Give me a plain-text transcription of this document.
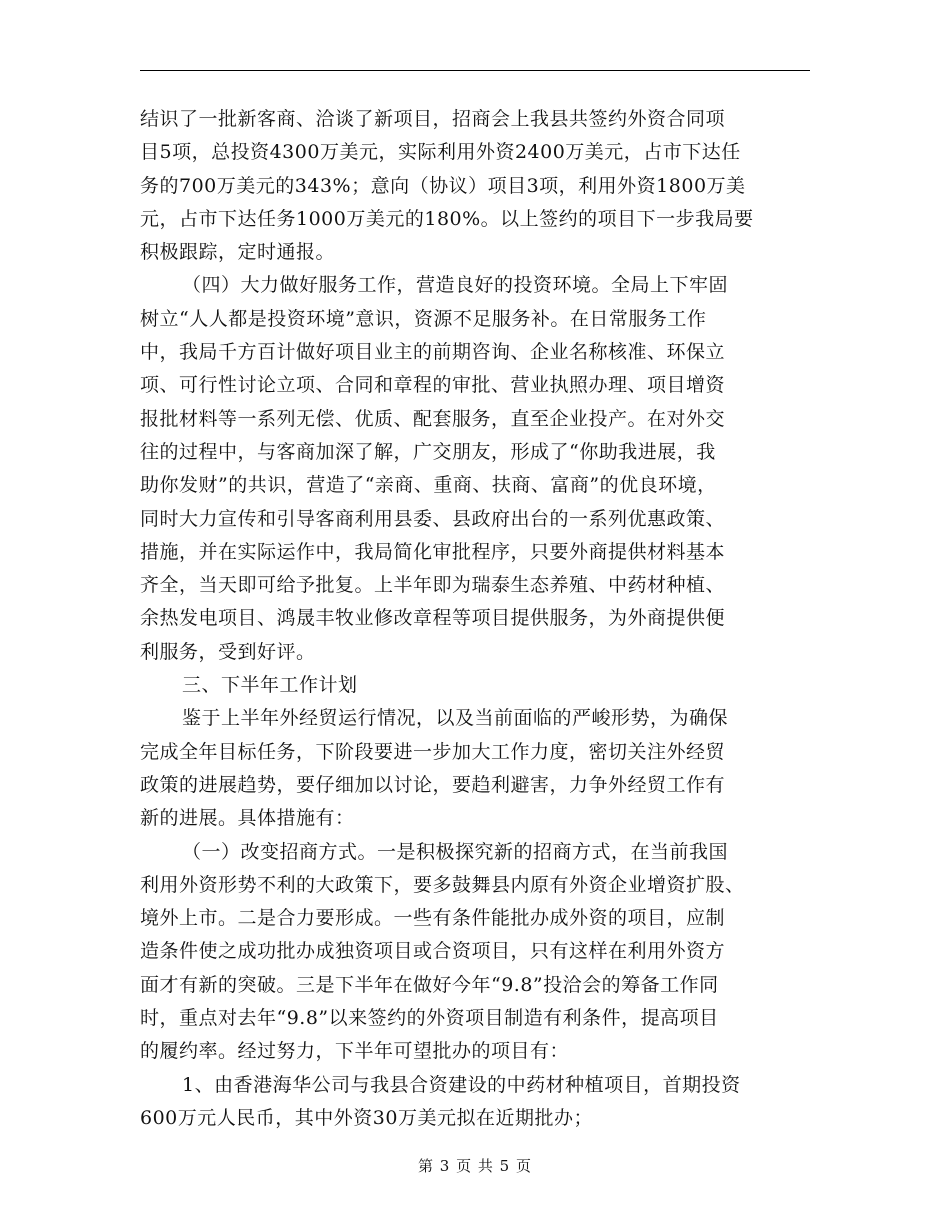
结识了一批新客商、洽谈了新项目，招商会上我县共签约外资合同项
目5项，总投资4300万美元，实际利用外资2400万美元，占市下达任
务的700万美元的343%；意向（协议）项目3项，利用外资1800万美
元，占市下达任务1000万美元的180%。以上签约的项目下一步我局要
积极跟踪，定时通报。
（四）大力做好服务工作，营造良好的投资环境。全局上下牢固
树立“人人都是投资环境”意识，资源不足服务补。在日常服务工作
中，我局千方百计做好项目业主的前期咨询、企业名称核准、环保立
项、可行性讨论立项、合同和章程的审批、营业执照办理、项目增资
报批材料等一系列无偿、优质、配套服务，直至企业投产。在对外交
往的过程中，与客商加深了解，广交朋友，形成了“你助我进展，我
助你发财”的共识，营造了“亲商、重商、扶商、富商”的优良环境，
同时大力宣传和引导客商利用县委、县政府出台的一系列优惠政策、
措施，并在实际运作中，我局简化审批程序，只要外商提供材料基本
齐全，当天即可给予批复。上半年即为瑞泰生态养殖、中药材种植、
余热发电项目、鸿晟丰牧业修改章程等项目提供服务，为外商提供便
利服务，受到好评。
三、下半年工作计划
鉴于上半年外经贸运行情况，以及当前面临的严峻形势，为确保
完成全年目标任务，下阶段要进一步加大工作力度，密切关注外经贸
政策的进展趋势，要仔细加以讨论，要趋利避害，力争外经贸工作有
新的进展。具体措施有：
（一）改变招商方式。一是积极探究新的招商方式，在当前我国
利用外资形势不利的大政策下，要多鼓舞县内原有外资企业增资扩股、
境外上市。二是合力要形成。一些有条件能批办成外资的项目，应制
造条件使之成功批办成独资项目或合资项目，只有这样在利用外资方
面才有新的突破。三是下半年在做好今年“9.8”投洽会的筹备工作同
时，重点对去年“9.8”以来签约的外资项目制造有利条件，提高项目
的履约率。经过努力，下半年可望批办的项目有：
1、由香港海华公司与我县合资建设的中药材种植项目，首期投资
600万元人民币，其中外资30万美元拟在近期批办；
第 3 页 共 5 页
